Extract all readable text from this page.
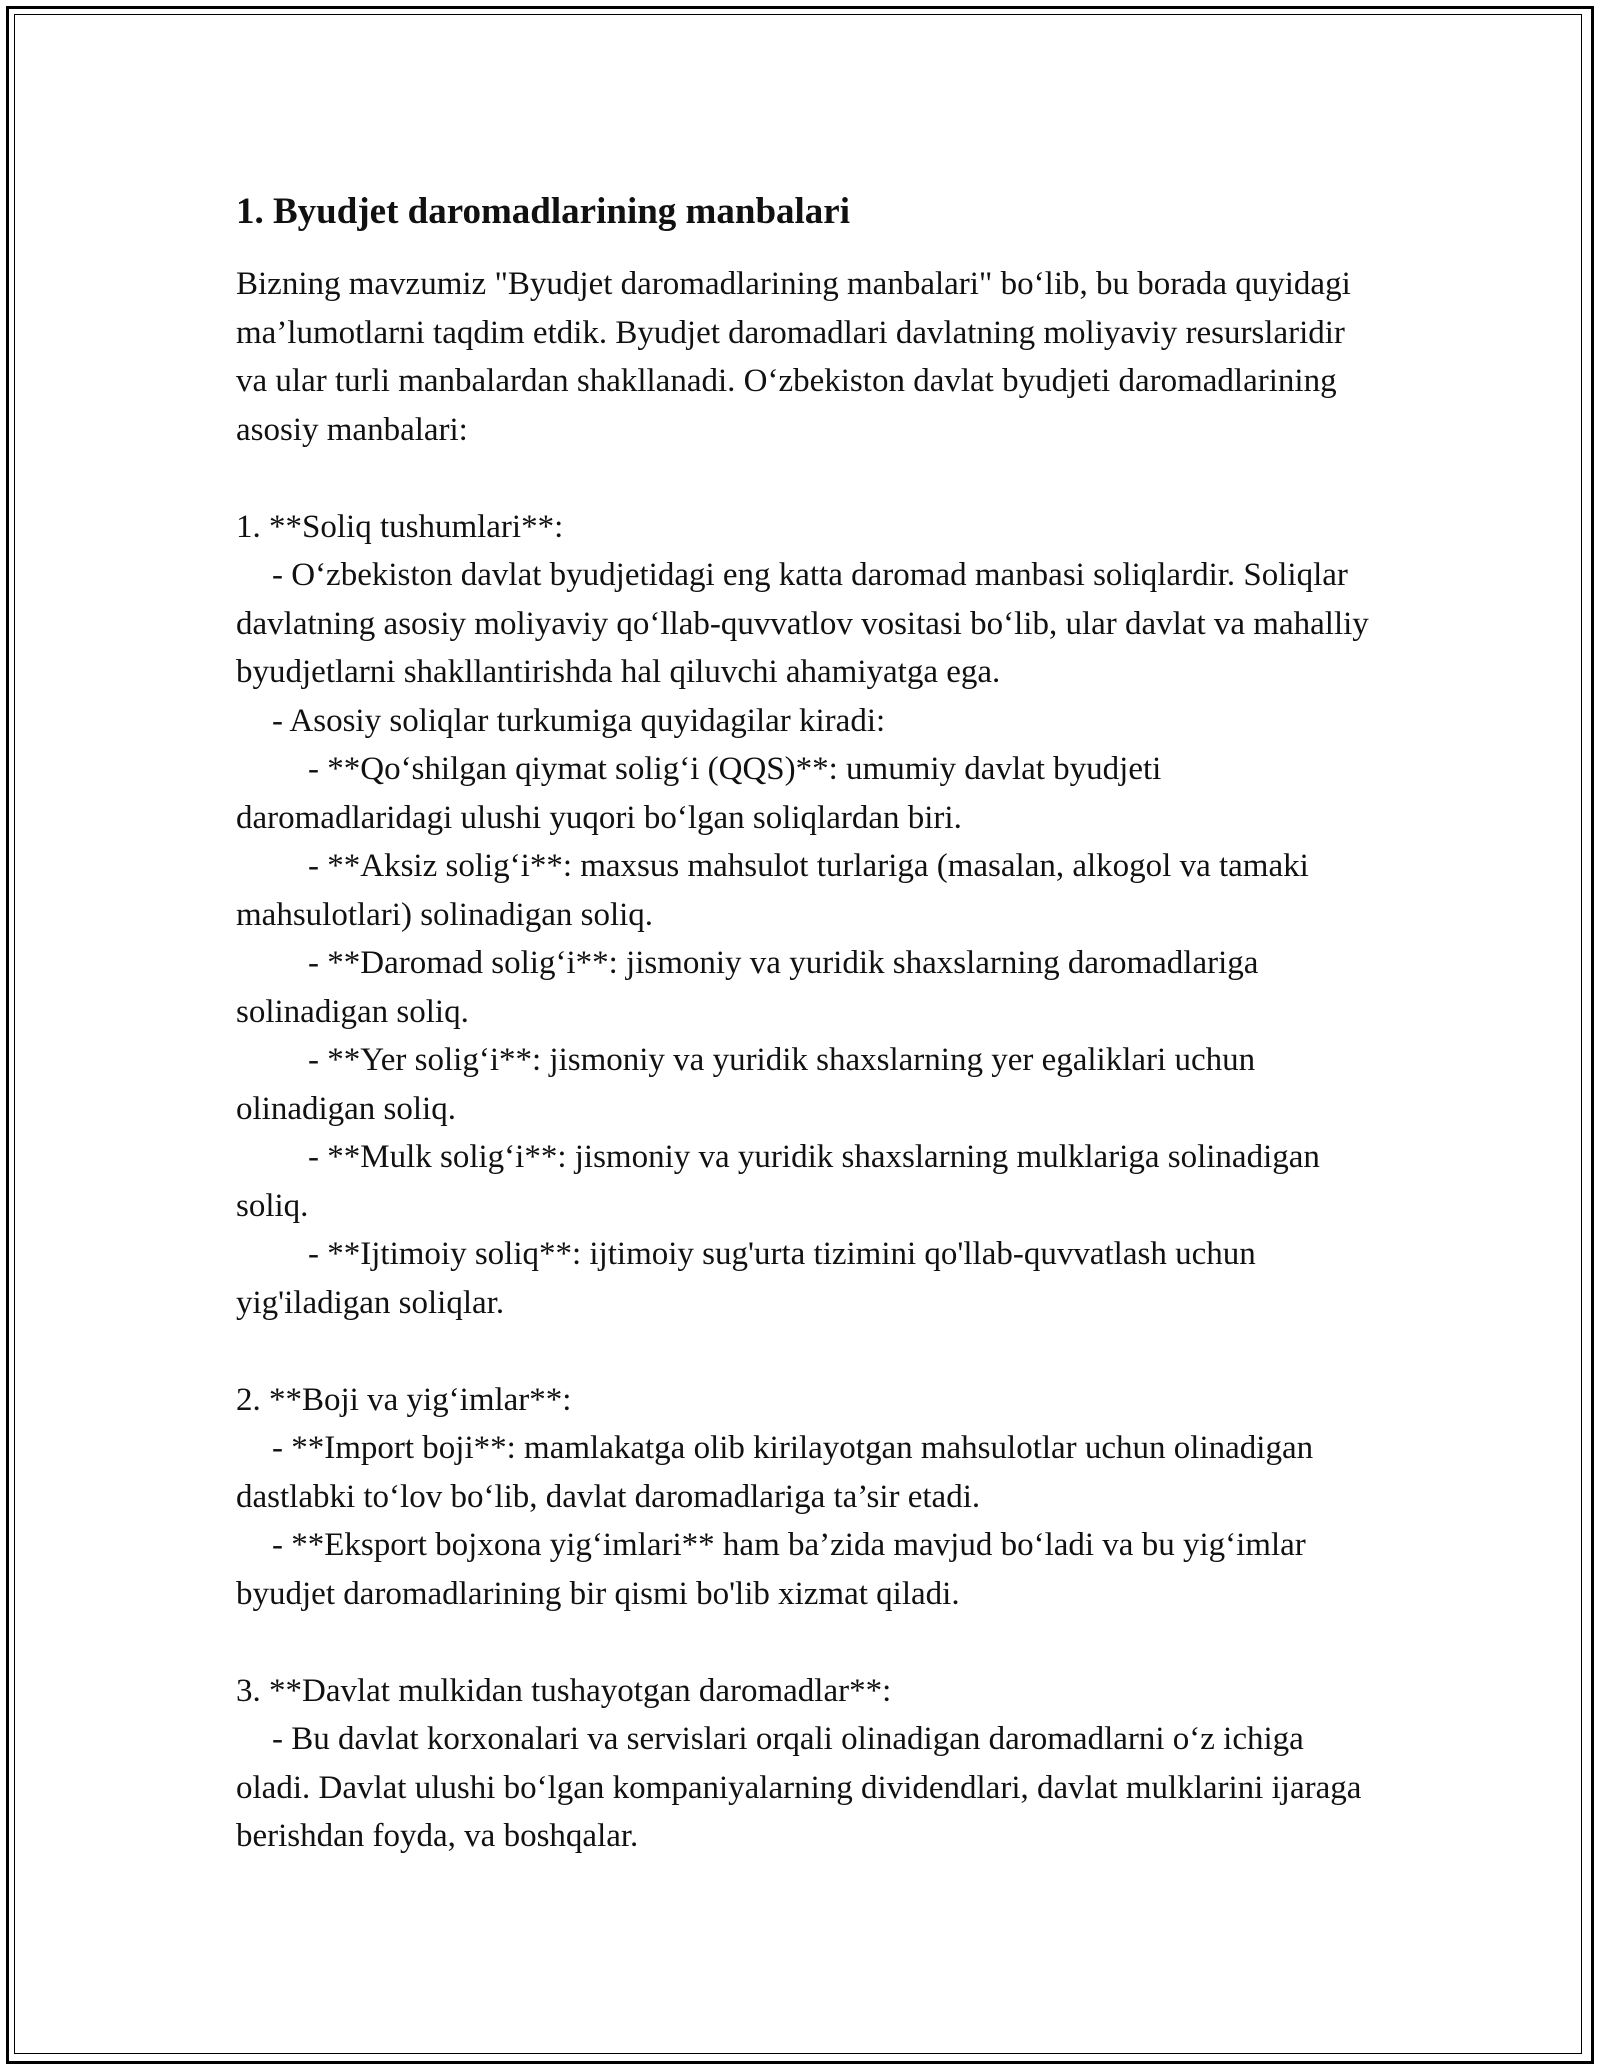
1. Byudjet daromadlarining manbalari

Bizning mavzumiz "Byudjet daromadlarining manbalari" bo‘lib, bu borada quyidagi ma’lumotlarni taqdim etdik. Byudjet daromadlari davlatning moliyaviy resurslaridir va ular turli manbalardan shakllanadi. O‘zbekiston davlat byudjeti daromadlarining asosiy manbalari:

1. **Soliq tushumlari**:

- O‘zbekiston davlat byudjetidagi eng katta daromad manbasi soliqlardir. Soliqlar davlatning asosiy moliyaviy qo‘llab-quvvatlov vositasi bo‘lib, ular davlat va mahalliy byudjetlarni shakllantirishda hal qiluvchi ahamiyatga ega.

- Asosiy soliqlar turkumiga quyidagilar kiradi:

- **Qo‘shilgan qiymat solig‘i (QQS)**: umumiy davlat byudjeti daromadlaridagi ulushi yuqori bo‘lgan soliqlardan biri.

- **Aksiz solig‘i**: maxsus mahsulot turlariga (masalan, alkogol va tamaki mahsulotlari) solinadigan soliq.

- **Daromad solig‘i**: jismoniy va yuridik shaxslarning daromadlariga solinadigan soliq.

- **Yer solig‘i**: jismoniy va yuridik shaxslarning yer egaliklari uchun olinadigan soliq.

- **Mulk solig‘i**: jismoniy va yuridik shaxslarning mulklariga solinadigan soliq.

- **Ijtimoiy soliq**: ijtimoiy sug'urta tizimini qo'llab-quvvatlash uchun yig'iladigan soliqlar.

2. **Boji va yig‘imlar**:

- **Import boji**: mamlakatga olib kirilayotgan mahsulotlar uchun olinadigan dastlabki to‘lov bo‘lib, davlat daromadlariga ta’sir etadi.

- **Eksport bojxona yig‘imlari** ham ba’zida mavjud bo‘ladi va bu yig‘imlar byudjet daromadlarining bir qismi bo'lib xizmat qiladi.

3. **Davlat mulkidan tushayotgan daromadlar**:

- Bu davlat korxonalari va servislari orqali olinadigan daromadlarni o‘z ichiga oladi. Davlat ulushi bo‘lgan kompaniyalarning dividendlari, davlat mulklarini ijaraga berishdan foyda, va boshqalar.
